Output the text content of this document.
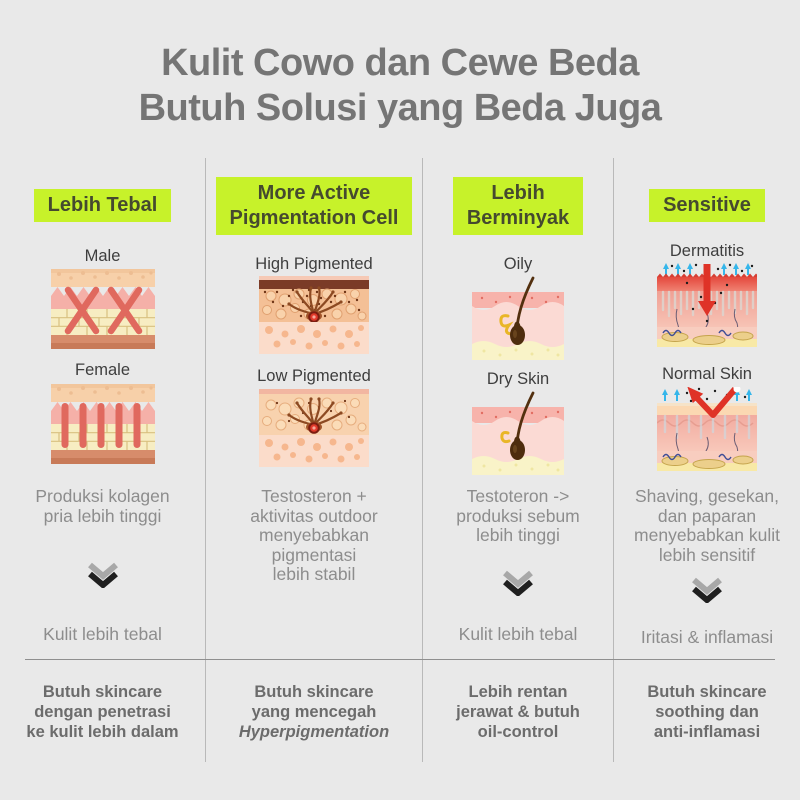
Kulit Cowo dan Cewe Beda
Butuh Solusi yang Beda Juga
Lebih Tebal
Male
Female
More Active
Pigmentation Cell
High Pigmented
Low Pigmented
Lebih
Berminyak
Oily
Dry Skin
Sensitive
Dermatitis
Normal Skin
Produksi kolagen
pria lebih tinggi
Kulit lebih tebal
Testosteron +
aktivitas outdoor
menyebabkan
pigmentasi
lebih stabil
Testoteron ->
produksi sebum
lebih tinggi
Kulit lebih tebal
Shaving, gesekan,
dan paparan
menyebabkan kulit
lebih sensitif
Iritasi & inflamasi
Butuh skincare
dengan penetrasi
ke kulit lebih dalam
Butuh skincare
yang mencegah
Hyperpigmentation
Lebih rentan
jerawat & butuh
oil-control
Butuh skincare
soothing dan
anti-inflamasi
